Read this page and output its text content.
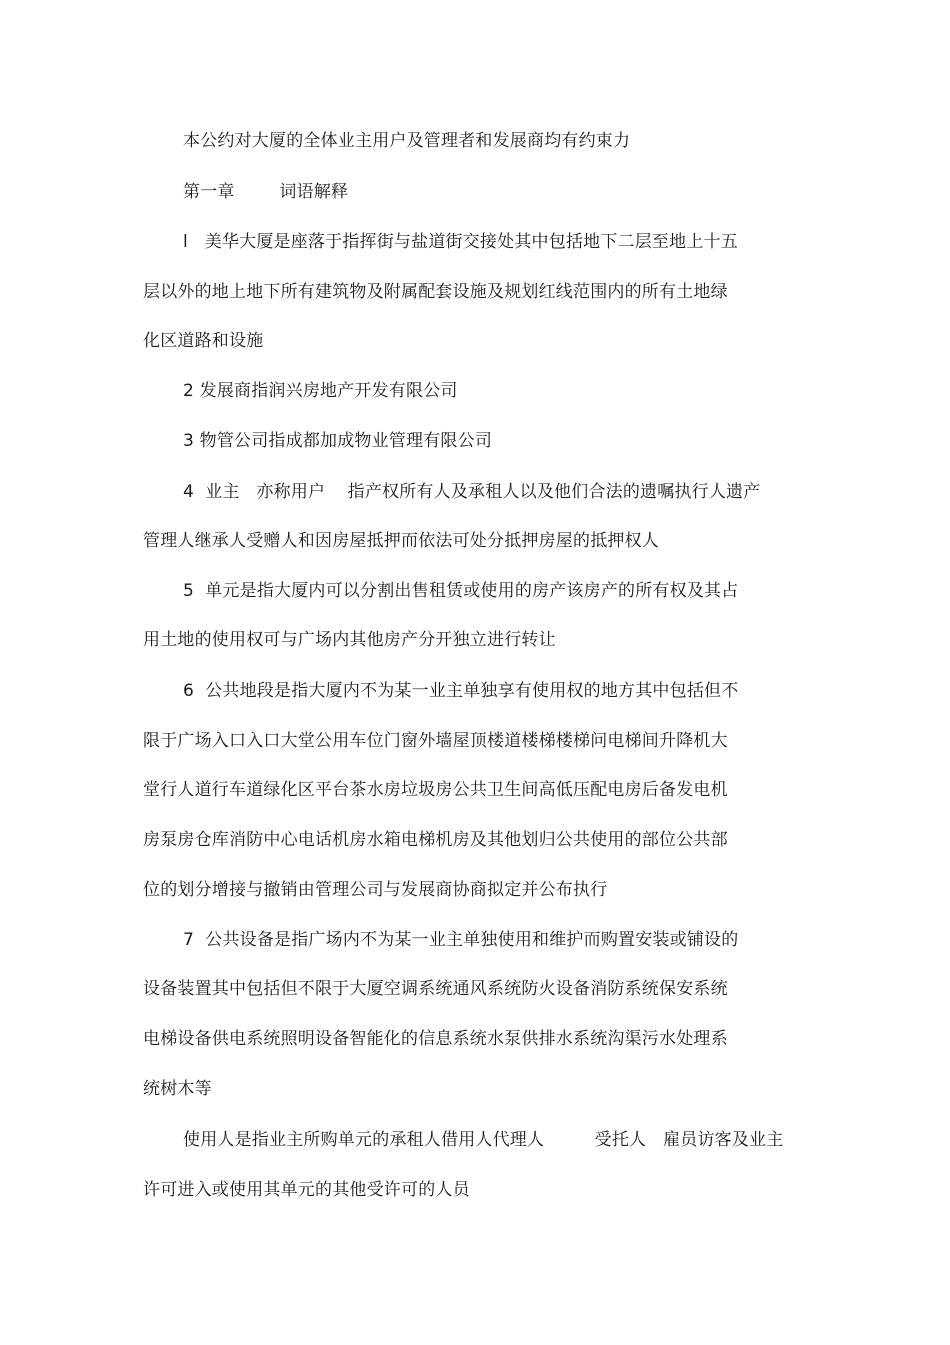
本公约对大厦的全体业主用户及管理者和发展商均有约束力
第一章        词语解释
l   美华大厦是座落于指挥街与盐道街交接处其中包括地下二层至地上十五
层以外的地上地下所有建筑物及附属配套设施及规划红线范围内的所有土地绿
化区道路和设施
2 发展商指润兴房地产开发有限公司
3 物管公司指成都加成物业管理有限公司
4  业主   亦称用户    指产权所有人及承租人以及他们合法的遗嘱执行人遗产
管理人继承人受赠人和因房屋抵押而依法可处分抵押房屋的抵押权人
5  单元是指大厦内可以分割出售租赁或使用的房产该房产的所有权及其占
用土地的使用权可与广场内其他房产分开独立进行转让
6  公共地段是指大厦内不为某一业主单独享有使用权的地方其中包括但不
限于广场入口入口大堂公用车位门窗外墙屋顶楼道楼梯楼梯问电梯间升降机大
堂行人道行车道绿化区平台茶水房垃圾房公共卫生间高低压配电房后备发电机
房泵房仓库消防中心电话机房水箱电梯机房及其他划归公共使用的部位公共部
位的划分增接与撤销由管理公司与发展商协商拟定并公布执行
7  公共设备是指广场内不为某一业主单独使用和维护而购置安装或铺设的
设备装置其中包括但不限于大厦空调系统通风系统防火设备消防系统保安系统
电梯设备供电系统照明设备智能化的信息系统水泵供排水系统沟渠污水处理系
统树木等
使用人是指业主所购单元的承租人借用人代理人         受托人   雇员访客及业主
许可进入或使用其单元的其他受许可的人员
